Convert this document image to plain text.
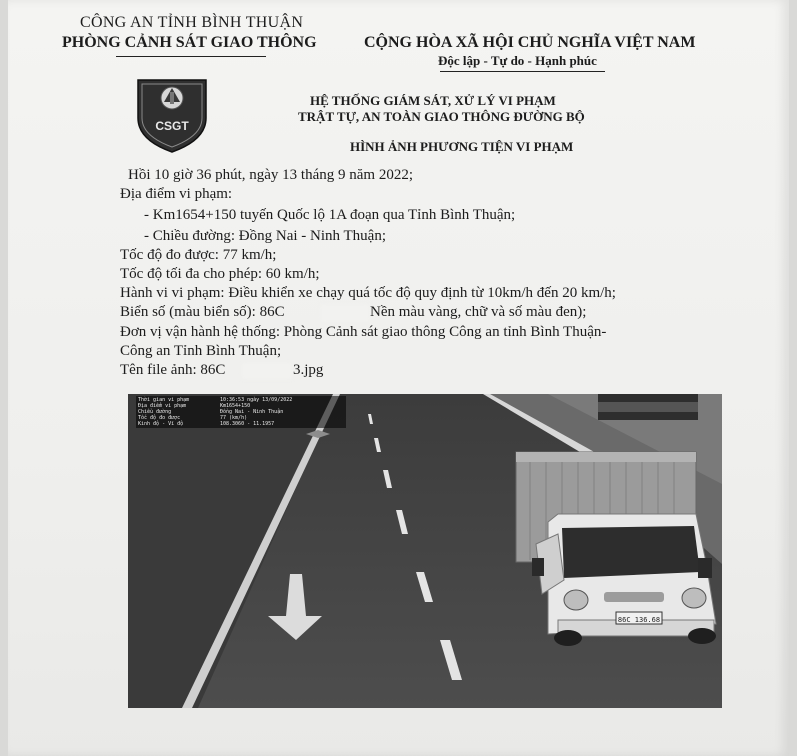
CÔNG AN TỈNH BÌNH THUẬN
PHÒNG CẢNH SÁT GIAO THÔNG	CỘNG HÒA XÃ HỘI CHỦ NGHĨA VIỆT NAM
Độc lập - Tự do - Hạnh phúc
CSGT
HỆ THỐNG GIÁM SÁT, XỬ LÝ VI PHẠM
TRẬT TỰ, AN TOÀN GIAO THÔNG ĐƯỜNG BỘ
HÌNH ẢNH PHƯƠNG TIỆN VI PHẠM
Hồi 10 giờ 36 phút, ngày 13 tháng 9 năm 2022;
Địa điểm vi phạm:
- Km1654+150 tuyến Quốc lộ 1A đoạn qua Tỉnh Bình Thuận;
- Chiều đường: Đồng Nai - Ninh Thuận;
Tốc độ đo được: 77 km/h;
Tốc độ tối đa cho phép: 60 km/h;
Hành vi vi phạm: Điều khiển xe chạy quá tốc độ quy định từ 10km/h đến 20 km/h;
Biển số (màu biển số): 86C	Nền màu vàng, chữ và số màu đen);
Đơn vị vận hành hệ thống: Phòng Cảnh sát giao thông Công an tỉnh Bình Thuận-
Công an Tỉnh Bình Thuận;
Tên file ảnh: 86C	3.jpg
86C 136.68
Thời gian vi phạm	10:36:53 ngày 13/09/2022
Địa điểm vi phạm	Km1654+150
Chiều đường	Đồng Nai - Ninh Thuận
Tốc độ đo được	77 (km/h)
Kinh độ - Vĩ độ	108.3060 - 11.1957
